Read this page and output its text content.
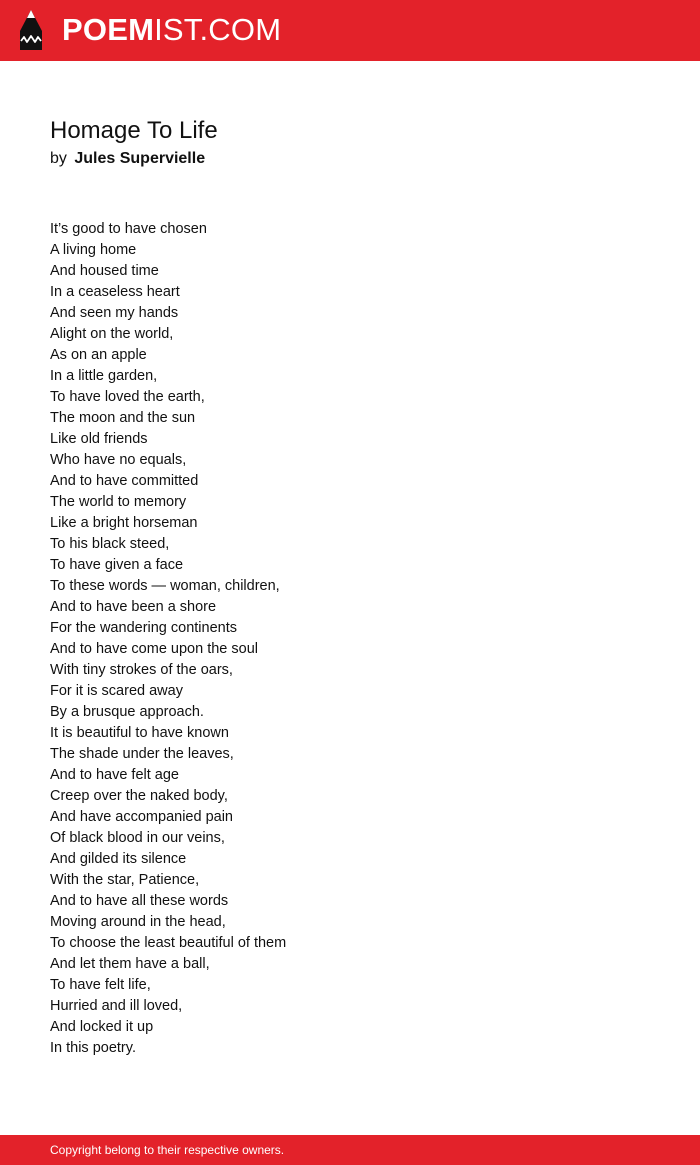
POEMIST.COM
Homage To Life
by Jules Supervielle
It’s good to have chosen
A living home
And housed time
In a ceaseless heart
And seen my hands
Alight on the world,
As on an apple
In a little garden,
To have loved the earth,
The moon and the sun
Like old friends
Who have no equals,
And to have committed
The world to memory
Like a bright horseman
To his black steed,
To have given a face
To these words — woman, children,
And to have been a shore
For the wandering continents
And to have come upon the soul
With tiny strokes of the oars,
For it is scared away
By a brusque approach.
It is beautiful to have known
The shade under the leaves,
And to have felt age
Creep over the naked body,
And have accompanied pain
Of black blood in our veins,
And gilded its silence
With the star, Patience,
And to have all these words
Moving around in the head,
To choose the least beautiful of them
And let them have a ball,
To have felt life,
Hurried and ill loved,
And locked it up
In this poetry.
Copyright belong to their respective owners.
